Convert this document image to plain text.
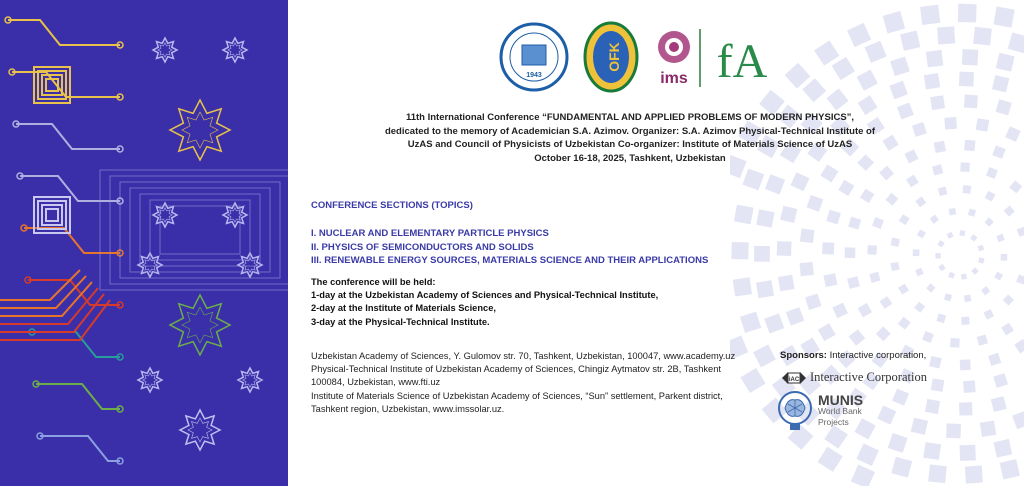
1943
OFK
ims fA
11th International Conference “FUNDAMENTAL AND APPLIED PROBLEMS OF MODERN PHYSICS”,
dedicated to the memory of Academician S.A. Azimov. Organizer: S.A. Azimov Physical-Technical Institute of
UzAS and Council of Physicists of Uzbekistan Co-organizer: Institute of Materials Science of UzAS
October 16-18, 2025, Tashkent, Uzbekistan
CONFERENCE SECTIONS (TOPICS)
I. NUCLEAR AND ELEMENTARY PARTICLE PHYSICS
II. PHYSICS OF SEMICONDUCTORS AND SOLIDS
III. RENEWABLE ENERGY SOURCES, MATERIALS SCIENCE AND THEIR APPLICATIONS
The conference will be held:
1-day at the Uzbekistan Academy of Sciences and Physical-Technical Institute,
2-day at the Institute of Materials Science,
3-day at the Physical-Technical Institute.
Uzbekistan Academy of Sciences, Y. Gulomov str. 70, Tashkent, Uzbekistan, 100047, www.academy.uz
Physical-Technical Institute of Uzbekistan Academy of Sciences, Chingiz Aytmatov str. 2B, Tashkent 100084, Uzbekistan, www.fti.uz
Institute of Materials Science of Uzbekistan Academy of Sciences, “Sun” settlement, Parkent district, Tashkent region, Uzbekistan, www.imssolar.uz.
Sponsors: Interactive corporation,
iAC Interactive Corporation
MUNIS
World Bank
Projects
